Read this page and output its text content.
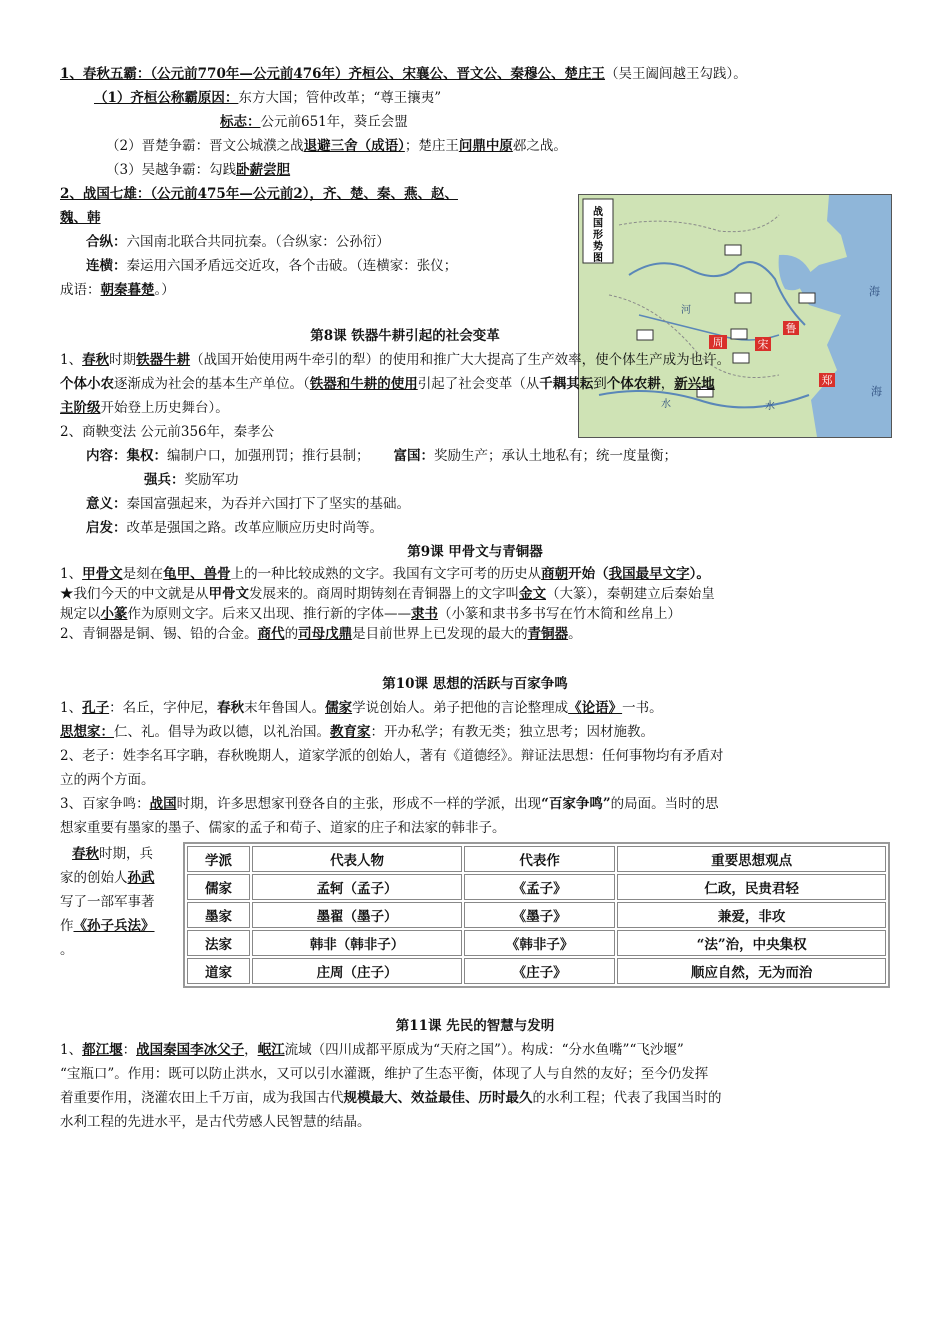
战国形势图
周	宋
鲁
郑
海
海
河
水	水

1、春秋五霸：（公元前770年—公元前476年）齐桓公、宋襄公、晋文公、秦穆公、楚庄王（吴王阖闾越王勾践）。

（1）齐桓公称霸原因：东方大国；管仲改革；“尊王攘夷”

标志：公元前651年，葵丘会盟

（2）晋楚争霸：晋文公城濮之战退避三舍（成语）；楚庄王问鼎中原邲之战。

（3）吴越争霸：勾践卧薪尝胆

2、战国七雄：（公元前475年—公元前2），齐、楚、秦、燕、赵、

魏、韩

合纵：六国南北联合共同抗秦。（合纵家：公孙衍）

连横：秦运用六国矛盾远交近攻，各个击破。（连横家：张仪；

成语：朝秦暮楚。）

第8课 铁器牛耕引起的社会变革

1、春秋时期铁器牛耕（战国开始使用两牛牵引的犁）的使用和推广大大提高了生产效率，使个体生产成为也许。

个体小农逐渐成为社会的基本生产单位。（铁器和牛耕的使用引起了社会变革（从千耦其耘到个体农耕，新兴地

主阶级开始登上历史舞台）。

2、商鞅变法 公元前356年，秦孝公

内容：集权：编制户口，加强刑罚；推行县制； 富国：奖励生产；承认土地私有；统一度量衡；

强兵：奖励军功

意义：秦国富强起来，为吞并六国打下了坚实的基础。

启发：改革是强国之路。改革应顺应历史时尚等。

第9课 甲骨文与青铜器

1、甲骨文是刻在龟甲、兽骨上的一种比较成熟的文字。我国有文字可考的历史从商朝开始（我国最早文字）。

★我们今天的中文就是从甲骨文发展来的。商周时期铸刻在青铜器上的文字叫金文（大篆），秦朝建立后秦始皇

规定以小篆作为原则文字。后来又出现、推行新的字体——隶书（小篆和隶书多书写在竹木简和丝帛上）

2、青铜器是铜、锡、铅的合金。商代的司母戊鼎是目前世界上已发现的最大的青铜器。

第10课 思想的活跃与百家争鸣

1、孔子：名丘，字仲尼，春秋末年鲁国人。儒家学说创始人。弟子把他的言论整理成《论语》一书。

思想家：仁、礼。倡导为政以德，以礼治国。教育家：开办私学；有教无类；独立思考；因材施教。

2、老子：姓李名耳字聃，春秋晚期人，道家学派的创始人，著有《道德经》。辩证法思想：任何事物均有矛盾对

立的两个方面。

3、百家争鸣：战国时期，许多思想家刊登各自的主张，形成不一样的学派，出现“百家争鸣”的局面。当时的思

想家重要有墨家的墨子、儒家的孟子和荀子、道家的庄子和法家的韩非子。

春秋时期，兵
家的创始人孙武
写了一部军事著
作《孙子兵法》
。
学派	代表人物	代表作	重要思想观点
儒家	孟轲（孟子）	《孟子》	仁政，民贵君轻
墨家	墨翟（墨子）	《墨子》	兼爱，非攻
法家	韩非（韩非子）	《韩非子》	“法”治，中央集权
道家	庄周（庄子）	《庄子》	顺应自然，无为而治

第11课 先民的智慧与发明

1、都江堰：战国秦国李冰父子，岷江流域（四川成都平原成为“天府之国”）。构成：“分水鱼嘴”“飞沙堰”

“宝瓶口”。作用：既可以防止洪水，又可以引水灌溉，维护了生态平衡，体现了人与自然的友好；至今仍发挥

着重要作用，浇灌农田上千万亩，成为我国古代规模最大、效益最佳、历时最久的水利工程；代表了我国当时的

水利工程的先进水平，是古代劳感人民智慧的结晶。
